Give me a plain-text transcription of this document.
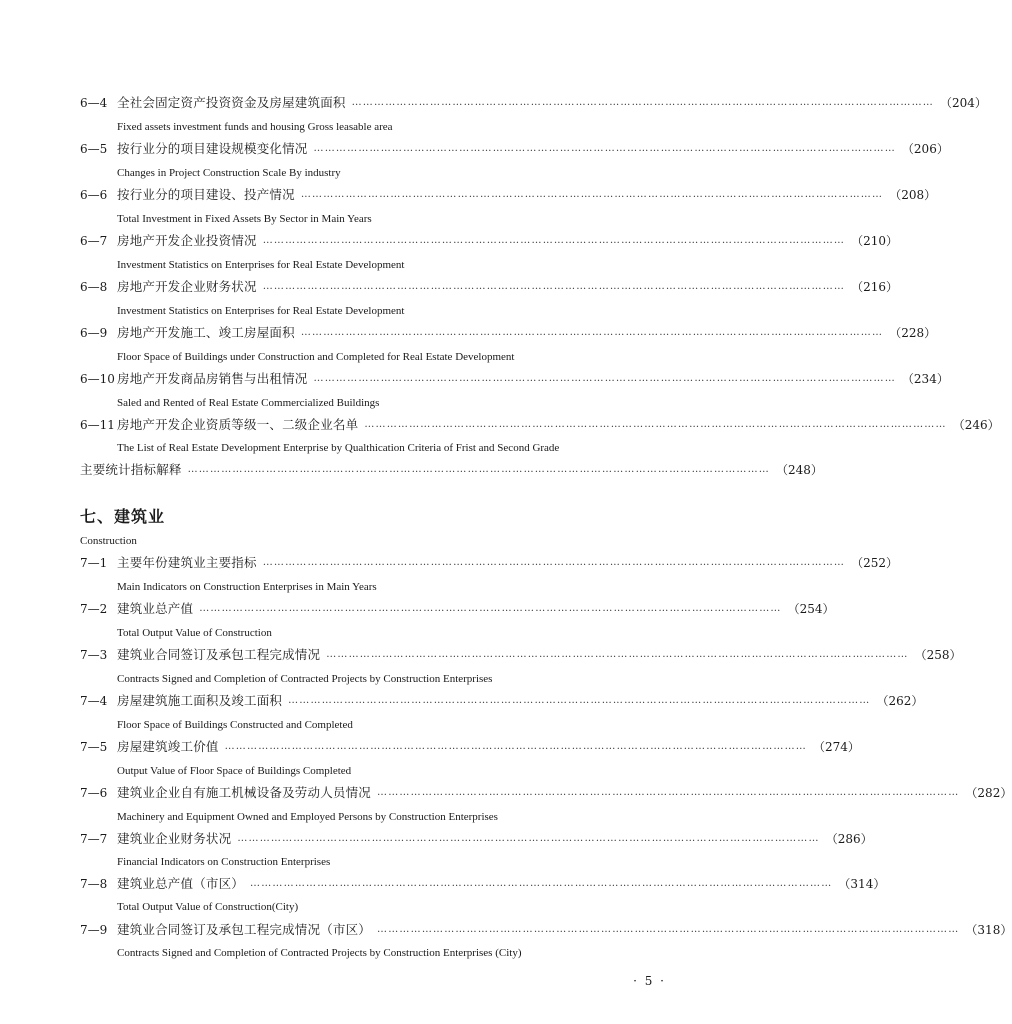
6—4 全社会固定资产投资资金及房屋建筑面积 ………………………………………………………………………………………………………………………………………… （204）
Fixed assets investment funds and housing Gross leasable area
6—5 按行业分的项目建设规模变化情况 ………………………………………………………………………………………………………………………………………… （206）
Changes in Project Construction Scale By industry
6—6 按行业分的项目建设、投产情况 ………………………………………………………………………………………………………………………………………… （208）
Total Investment in Fixed Assets By Sector in Main Years
6—7 房地产开发企业投资情况 ………………………………………………………………………………………………………………………………………… （210）
Investment Statistics on Enterprises for Real Estate Development
6—8 房地产开发企业财务状况 ………………………………………………………………………………………………………………………………………… （216）
Investment Statistics on Enterprises for Real Estate Development
6—9 房地产开发施工、竣工房屋面积 ………………………………………………………………………………………………………………………………………… （228）
Floor Space of Buildings under Construction and Completed for Real Estate Development
6—10 房地产开发商品房销售与出租情况 ………………………………………………………………………………………………………………………………………… （234）
Saled and Rented of Real Estate Commercialized Buildings
6—11 房地产开发企业资质等级一、二级企业名单 ………………………………………………………………………………………………………………………………………… （246）
The List of Real Estate Development Enterprise by Qualthication Criteria of Frist and Second Grade
主要统计指标解释 ………………………………………………………………………………………………………………………………………… （248）
七、建筑业
Construction
7—1 主要年份建筑业主要指标 ………………………………………………………………………………………………………………………………………… （252）
Main Indicators on Construction Enterprises in Main Years
7—2 建筑业总产值 ………………………………………………………………………………………………………………………………………… （254）
Total Output Value of Construction
7—3 建筑业合同签订及承包工程完成情况 ………………………………………………………………………………………………………………………………………… （258）
Contracts Signed and Completion of Contracted Projects by Construction Enterprises
7—4 房屋建筑施工面积及竣工面积 ………………………………………………………………………………………………………………………………………… （262）
Floor Space of Buildings Constructed and Completed
7—5 房屋建筑竣工价值 ………………………………………………………………………………………………………………………………………… （274）
Output Value of Floor Space of Buildings Completed
7—6 建筑业企业自有施工机械设备及劳动人员情况 ………………………………………………………………………………………………………………………………………… （282）
Machinery and Equipment Owned and Employed Persons by Construction Enterprises
7—7 建筑业企业财务状况 ………………………………………………………………………………………………………………………………………… （286）
Financial Indicators on Construction Enterprises
7—8 建筑业总产值（市区） ………………………………………………………………………………………………………………………………………… （314）
Total Output Value of Construction(City)
7—9 建筑业合同签订及承包工程完成情况（市区） ………………………………………………………………………………………………………………………………………… （318）
Contracts Signed and Completion of Contracted Projects by Construction Enterprises (City)
· 5 ·
